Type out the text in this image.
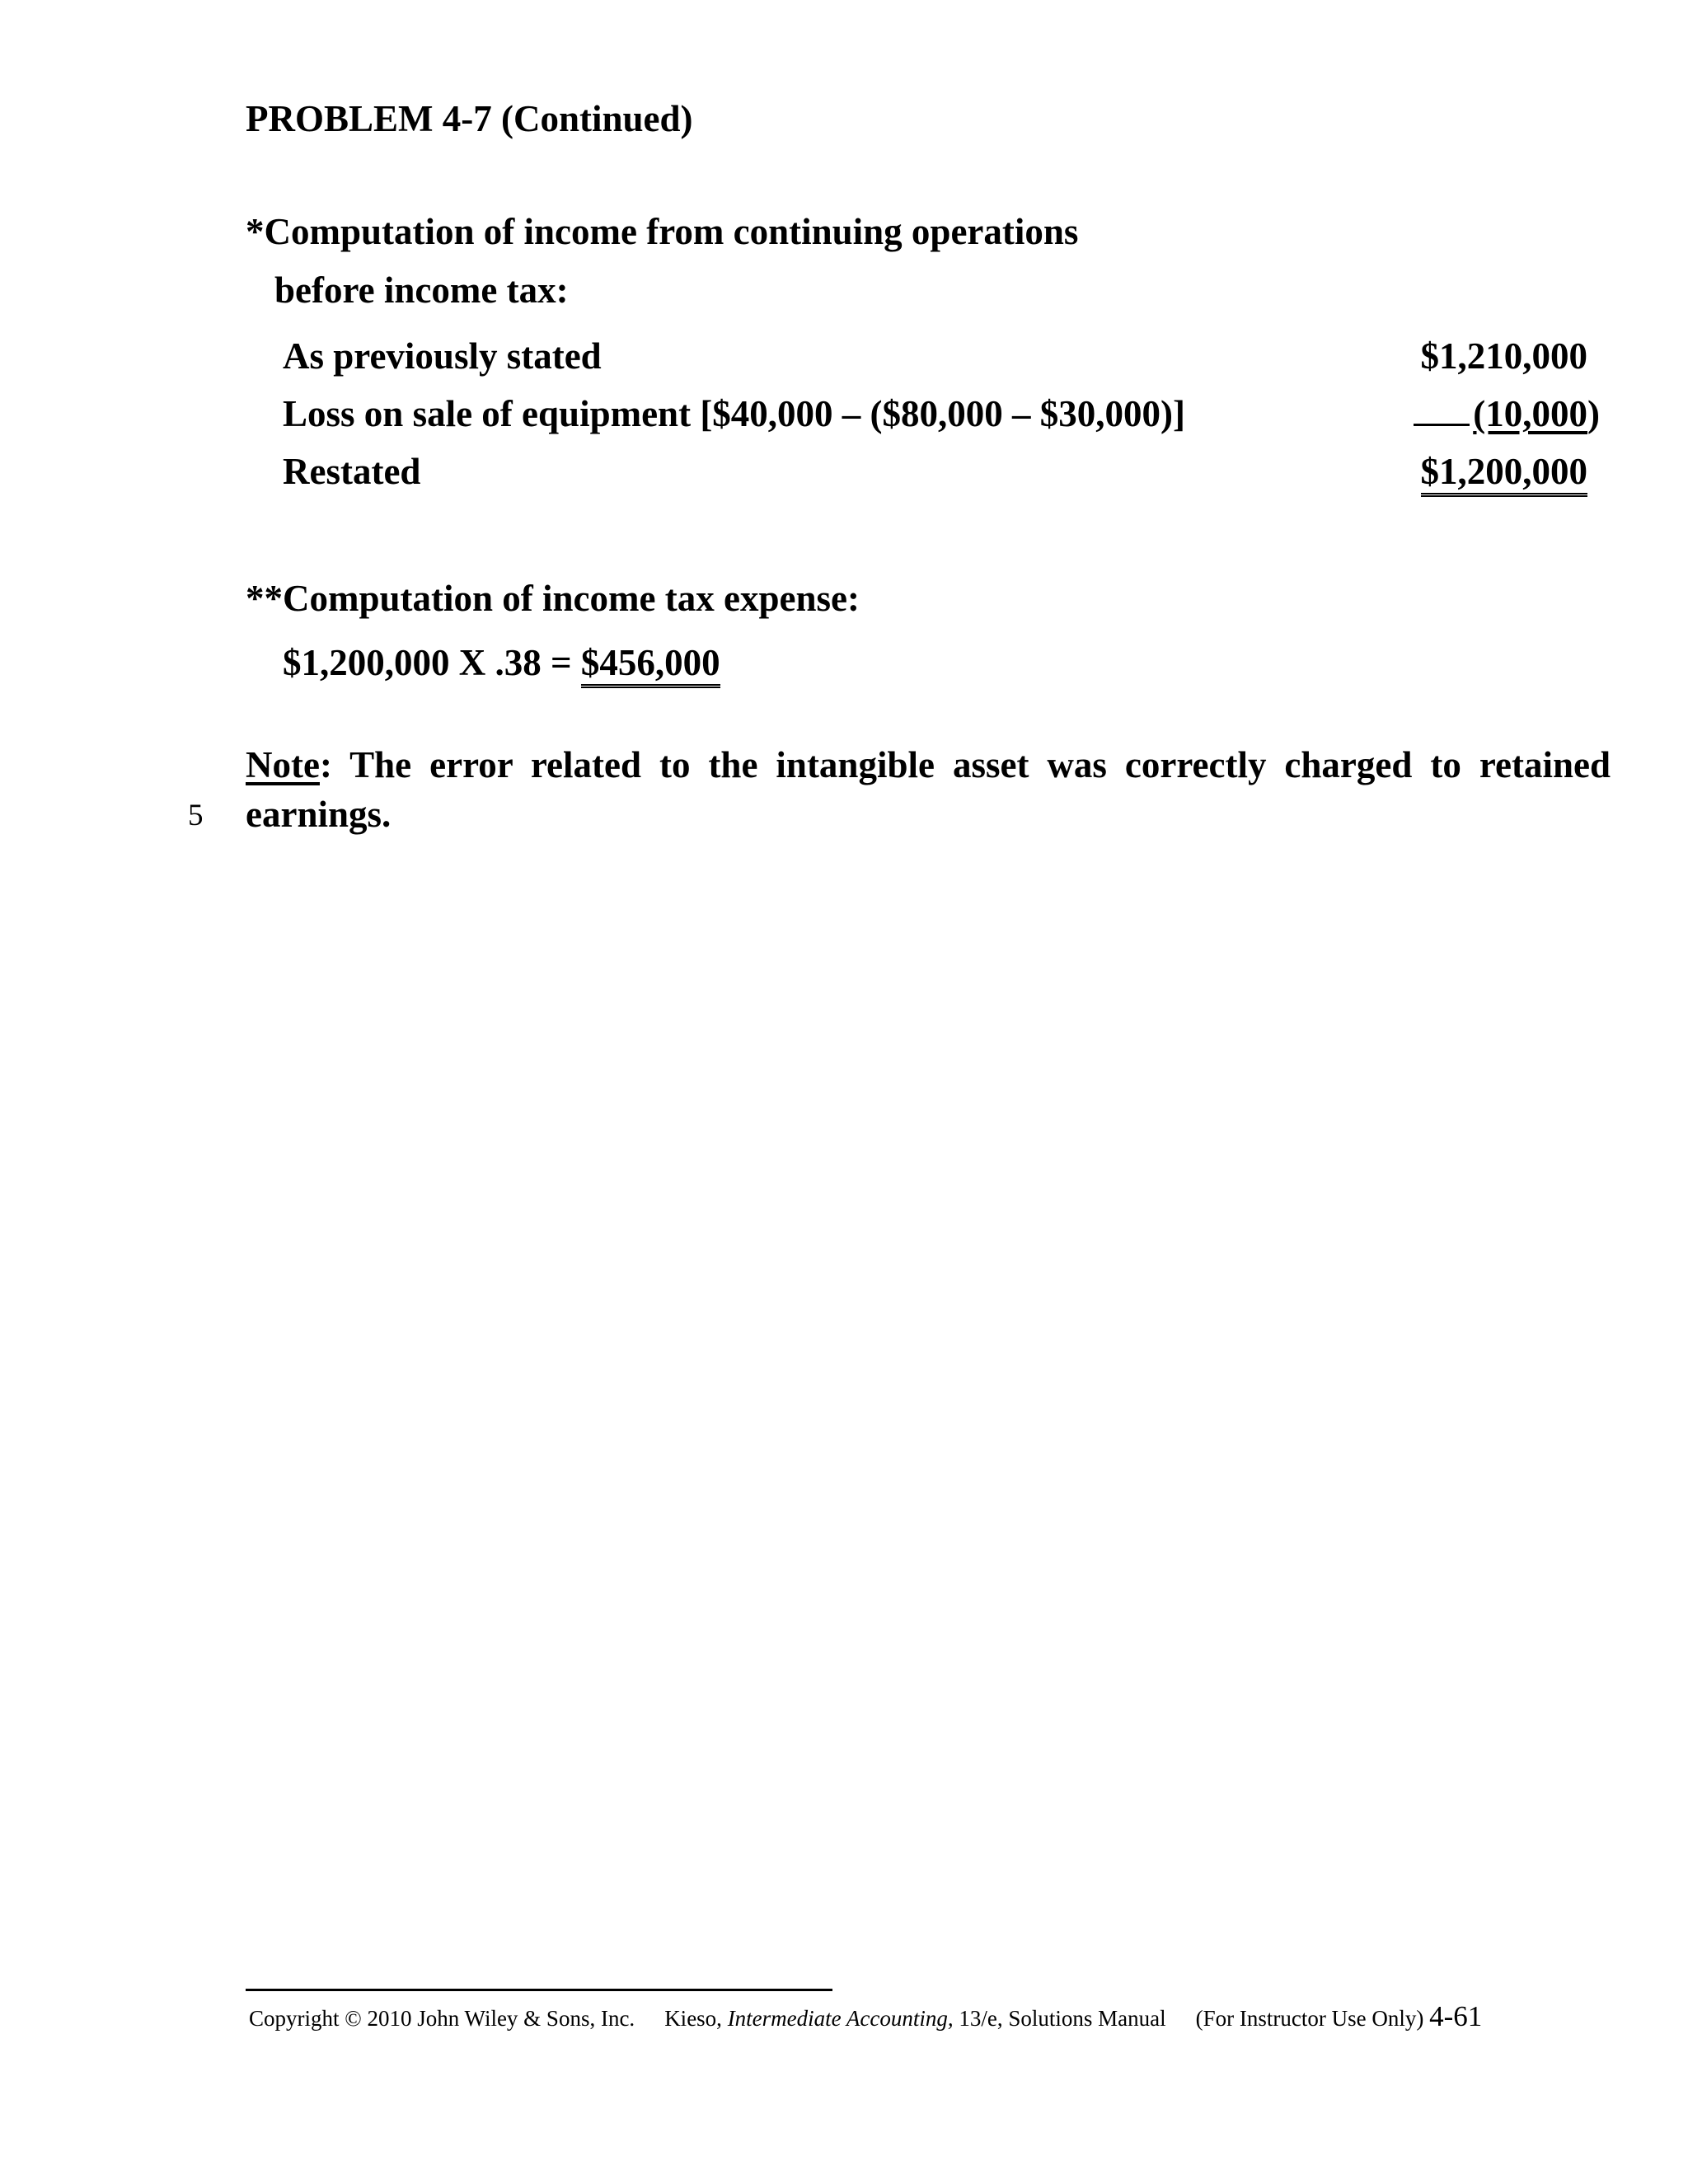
PROBLEM 4-7 (Continued)
*Computation of income from continuing operations
before income tax:
As previously stated	$1,210,000
Loss on sale of equipment [$40,000 – ($80,000 – $30,000)]	(10,000 )
Restated	$1,200,000
**Computation of income tax expense:
$1,200,000 X .38 = $456,000
Note: The error related to the intangible asset was correctly charged to retained earnings.
5
Copyright © 2010 John Wiley & Sons, Inc. Kieso, Intermediate Accounting, 13/e, Solutions Manual (For Instructor Use Only) 4-61
